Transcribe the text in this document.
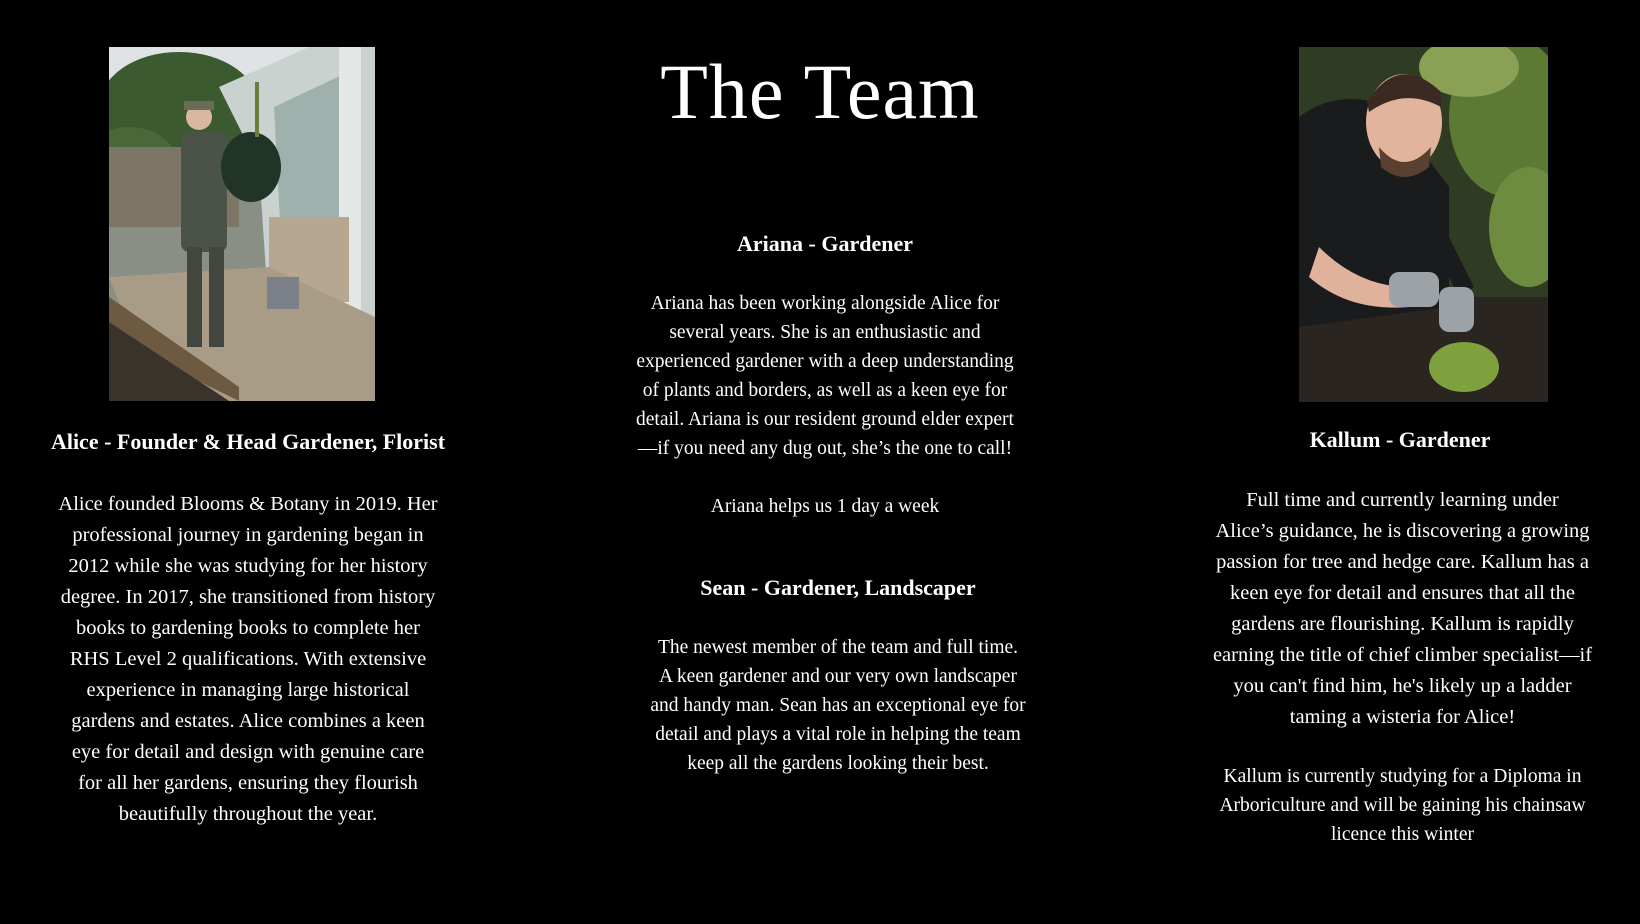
The Team
Alice - Founder & Head Gardener, Florist
Alice founded Blooms & Botany in 2019. Her
professional journey in gardening began in
2012 while she was studying for her history
degree. In 2017, she transitioned from history
books to gardening books to complete her
RHS Level 2 qualifications. With extensive
experience in managing large historical
gardens and estates. Alice combines a keen
eye for detail and design with genuine care
for all her gardens, ensuring they flourish
beautifully throughout the year.
Ariana - Gardener
Ariana has been working alongside Alice for
several years. She is an enthusiastic and
experienced gardener with a deep understanding
of plants and borders, as well as a keen eye for
detail. Ariana is our resident ground elder expert
—if you need any dug out, she’s the one to call!
Ariana helps us 1 day a week
Sean - Gardener, Landscaper
The newest member of the team and full time.
A keen gardener and our very own landscaper
and handy man. Sean has an exceptional eye for
detail and plays a vital role in helping the team
keep all the gardens looking their best.
Kallum - Gardener
Full time and currently learning under
Alice’s guidance, he is discovering a growing
passion for tree and hedge care. Kallum has a
keen eye for detail and ensures that all the
gardens are flourishing. Kallum is rapidly
earning the title of chief climber specialist—if
you can't find him, he's likely up a ladder
taming a wisteria for Alice!
Kallum is currently studying for a Diploma in
Arboriculture and will be gaining his chainsaw
licence this winter
